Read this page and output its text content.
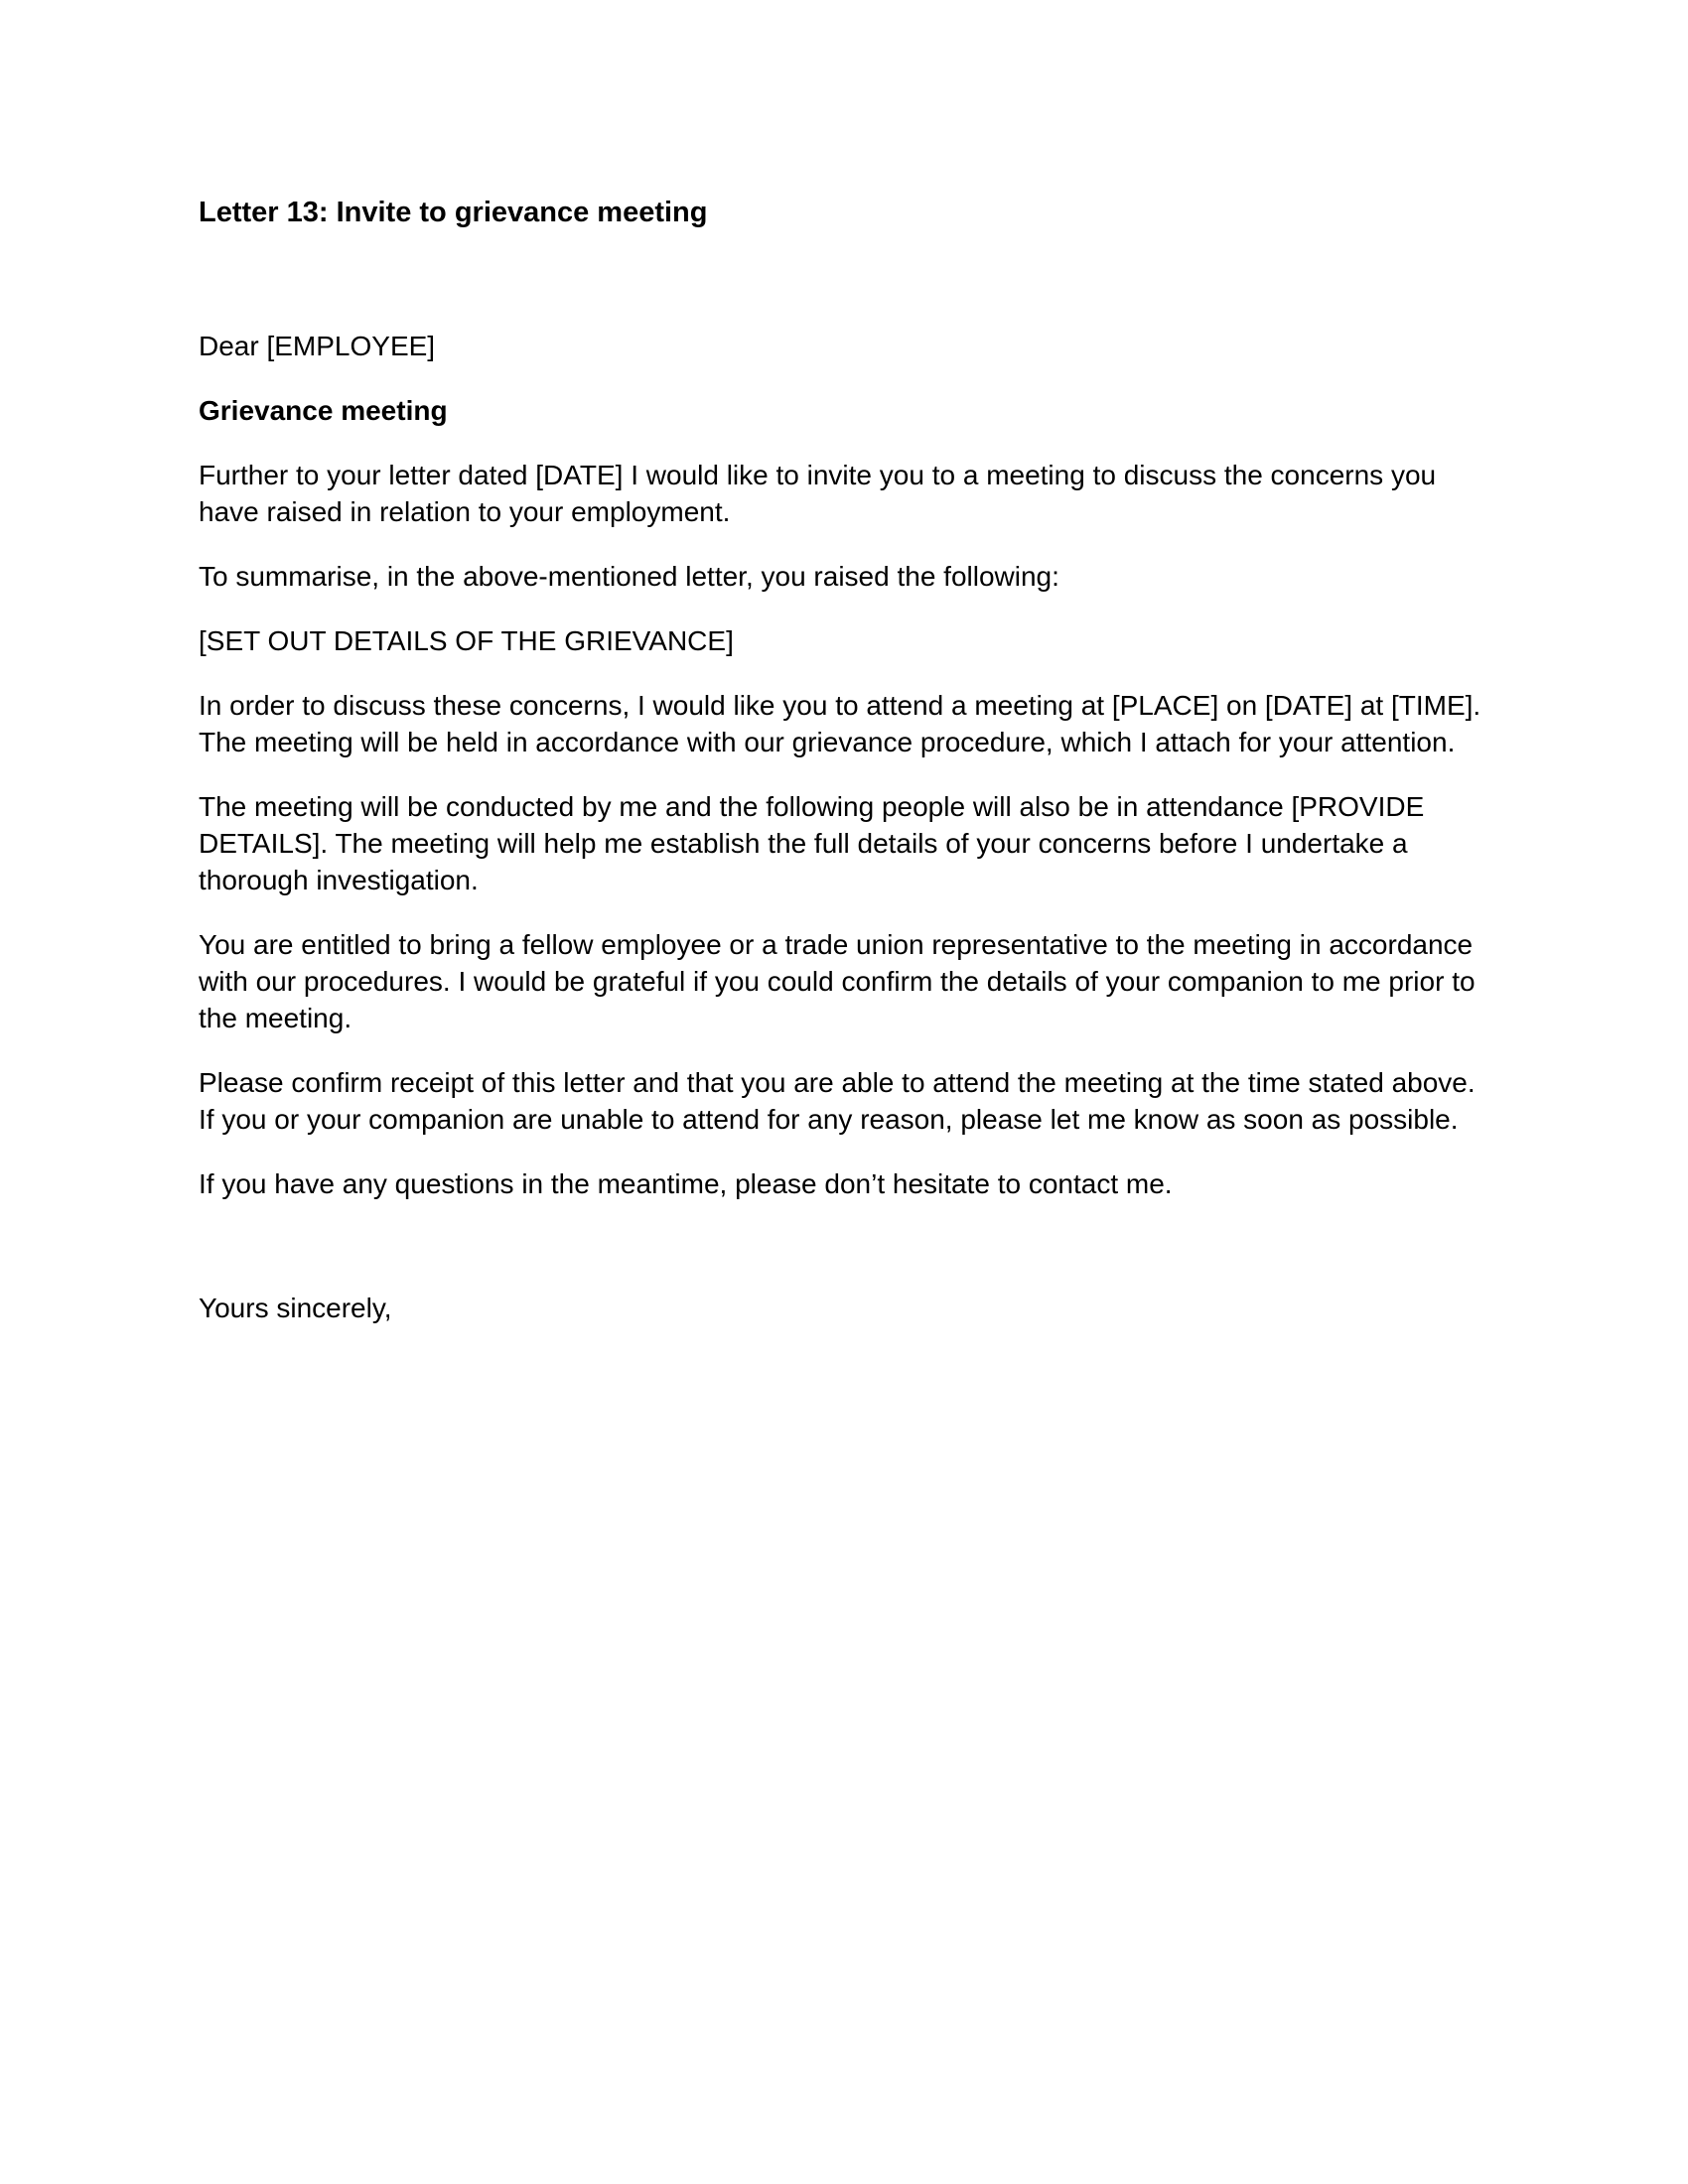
Letter 13: Invite to grievance meeting

Dear [EMPLOYEE]

Grievance meeting

Further to your letter dated [DATE] I would like to invite you to a meeting to discuss the concerns you have raised in relation to your employment.

To summarise, in the above-mentioned letter, you raised the following:

[SET OUT DETAILS OF THE GRIEVANCE]

In order to discuss these concerns, I would like you to attend a meeting at [PLACE] on [DATE] at [TIME]. The meeting will be held in accordance with our grievance procedure, which I attach for your attention.

The meeting will be conducted by me and the following people will also be in attendance [PROVIDE DETAILS]. The meeting will help me establish the full details of your concerns before I undertake a thorough investigation.

You are entitled to bring a fellow employee or a trade union representative to the meeting in accordance with our procedures. I would be grateful if you could confirm the details of your companion to me prior to the meeting.

Please confirm receipt of this letter and that you are able to attend the meeting at the time stated above. If you or your companion are unable to attend for any reason, please let me know as soon as possible.

If you have any questions in the meantime, please don’t hesitate to contact me.

Yours sincerely,
